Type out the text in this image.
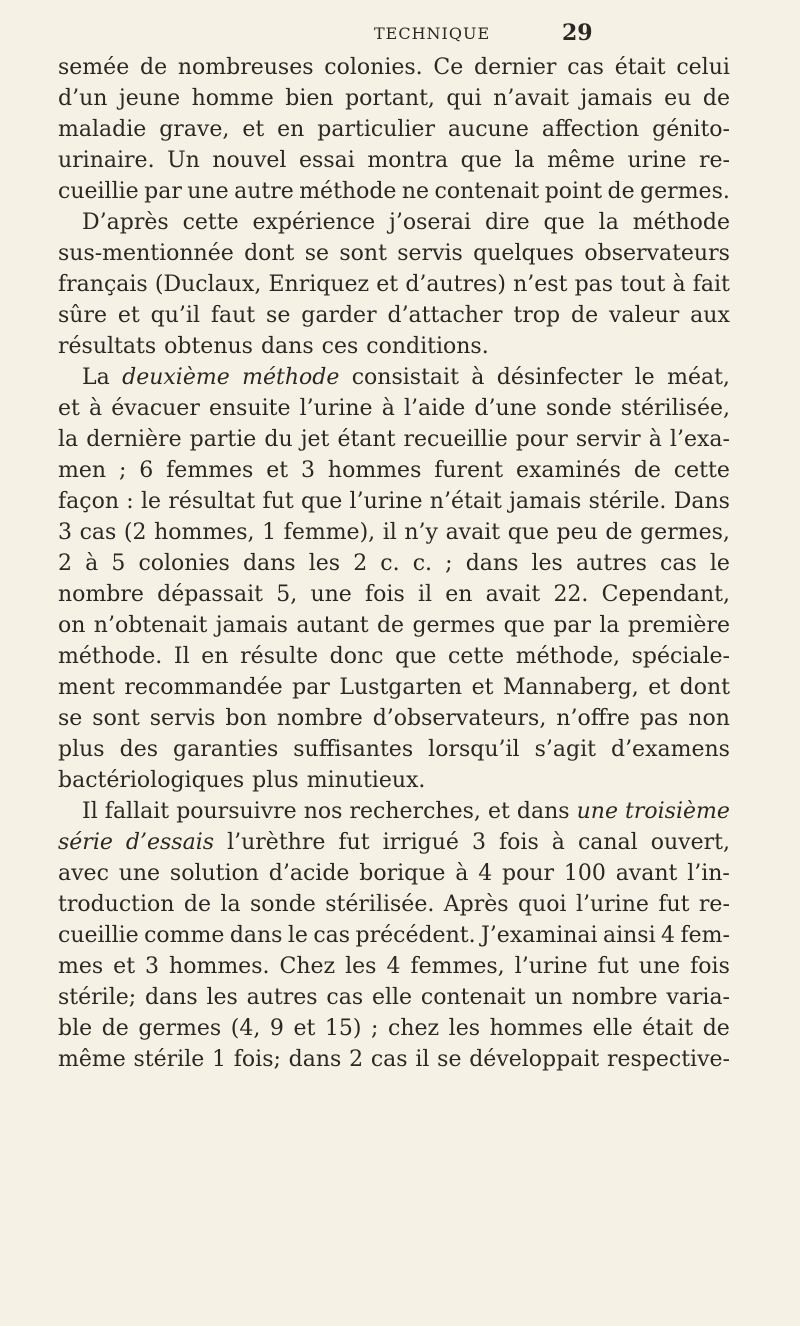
TECHNIQUE	29
semée de nombreuses colonies. Ce dernier cas était celui
d’un jeune homme bien portant, qui n’avait jamais eu de
maladie grave, et en particulier aucune affection génito-
urinaire. Un nouvel essai montra que la même urine re-
cueillie par une autre méthode ne contenait point de germes.
D’après cette expérience j’oserai dire que la méthode
sus-mentionnée dont se sont servis quelques observateurs
français (Duclaux, Enriquez et d’autres) n’est pas tout à fait
sûre et qu’il faut se garder d’attacher trop de valeur aux
résultats obtenus dans ces conditions.
La deuxième méthode consistait à désinfecter le méat,
et à évacuer ensuite l’urine à l’aide d’une sonde stérilisée,
la dernière partie du jet étant recueillie pour servir à l’exa-
men ; 6 femmes et 3 hommes furent examinés de cette
façon : le résultat fut que l’urine n’était jamais stérile. Dans
3 cas (2 hommes, 1 femme), il n’y avait que peu de germes,
2 à 5 colonies dans les 2 c. c. ; dans les autres cas le
nombre dépassait 5, une fois il en avait 22. Cependant,
on n’obtenait jamais autant de germes que par la première
méthode. Il en résulte donc que cette méthode, spéciale-
ment recommandée par Lustgarten et Mannaberg, et dont
se sont servis bon nombre d’observateurs, n’offre pas non
plus des garanties suffisantes lorsqu’il s’agit d’examens
bactériologiques plus minutieux.
Il fallait poursuivre nos recherches, et dans une troisième
série d’essais l’urèthre fut irrigué 3 fois à canal ouvert,
avec une solution d’acide borique à 4 pour 100 avant l’in-
troduction de la sonde stérilisée. Après quoi l’urine fut re-
cueillie comme dans le cas précédent. J’examinai ainsi 4 fem-
mes et 3 hommes. Chez les 4 femmes, l’urine fut une fois
stérile; dans les autres cas elle contenait un nombre varia-
ble de germes (4, 9 et 15) ; chez les hommes elle était de
même stérile 1 fois; dans 2 cas il se développait respective-
